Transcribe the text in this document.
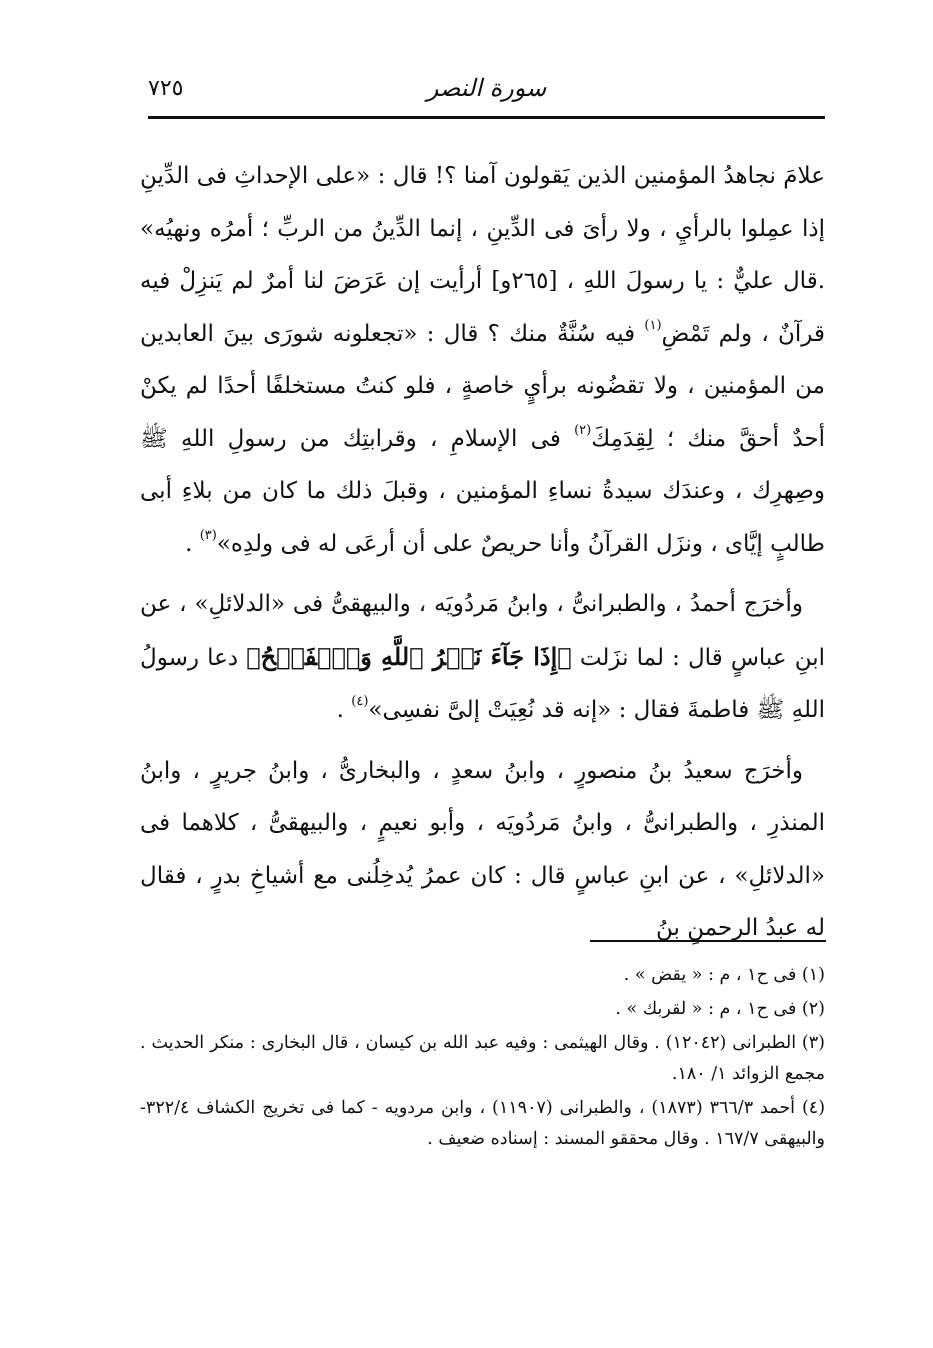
٧٢٥	سورة النصر

علامَ نجاهدُ المؤمنين الذين يَقولون آمنا ؟! قال : «على الإحداثِ فى الدِّينِ إذا عمِلوا بالرأيِ ، ولا رأىَ فى الدِّينِ ، إنما الدِّينُ من الربِّ ؛ أمرُه ونهيُه» .قال عليٌّ : يا رسولَ اللهِ ، [٢٦٥و] أرأيت إن عَرَضَ لنا أمرٌ لم يَنزِلْ فيه قرآنٌ ، ولم تَمْضِ$^{(١)}$ فيه سُنَّةٌ منك ؟ قال : «تجعلونه شورَى بينَ العابدين من المؤمنين ، ولا تقضُونه برأيٍ خاصةٍ ، فلو كنتُ مستخلفًا أحدًا لم يكنْ أحدٌ أحقَّ منك ؛ لِقِدَمِكَ$^{(٢)}$ فى الإسلامِ ، وقرابتِك من رسولِ اللهِ ﷺ وصِهرِك ، وعندَك سيدةُ نساءِ المؤمنين ، وقبلَ ذلك ما كان من بلاءِ أبى طالبٍ إيَّاى ، ونزَل القرآنُ وأنا حريصٌ على أن أرعَى له فى ولدِه»$^{(٣)}$ .

وأخرَج أحمدُ ، والطبرانىُّ ، وابنُ مَردُويَه ، والبيهقىُّ فى «الدلائلِ» ، عن ابنِ عباسٍ قال : لما نزَلت ﴿إِذَا جَآءَ نَصۡرُ ٱللَّهِ وَٱلۡفَتۡحُ﴾ دعا رسولُ اللهِ ﷺ فاطمةَ فقال : «إنه قد نُعِيَتْ إلىَّ نفسِى»$^{(٤)}$ .

وأخرَج سعيدُ بنُ منصورٍ ، وابنُ سعدٍ ، والبخارىُّ ، وابنُ جريرٍ ، وابنُ المنذرِ ، والطبرانىُّ ، وابنُ مَردُويَه ، وأبو نعيمٍ ، والبيهقىُّ ، كلاهما فى «الدلائلِ» ، عن ابنِ عباسٍ قال : كان عمرُ يُدخِلُنى مع أشياخِ بدرٍ ، فقال له عبدُ الرحمنِ بنُ

(١) فى ح١ ، م : « يقض » .

(٢) فى ح١ ، م : « لقربك » .

(٣) الطبرانى (١٢٠٤٢) . وقال الهيثمى : وفيه عبد الله بن كيسان ، قال البخارى : منكر الحديث . مجمع الزوائد ١/ ١٨٠.

(٤) أحمد ٣٦٦/٣ (١٨٧٣) ، والطبرانى (١١٩٠٧) ، وابن مردويه - كما فى تخريج الكشاف ٣٢٢/٤- والبيهقى ١٦٧/٧ . وقال محققو المسند : إسناده ضعيف .
